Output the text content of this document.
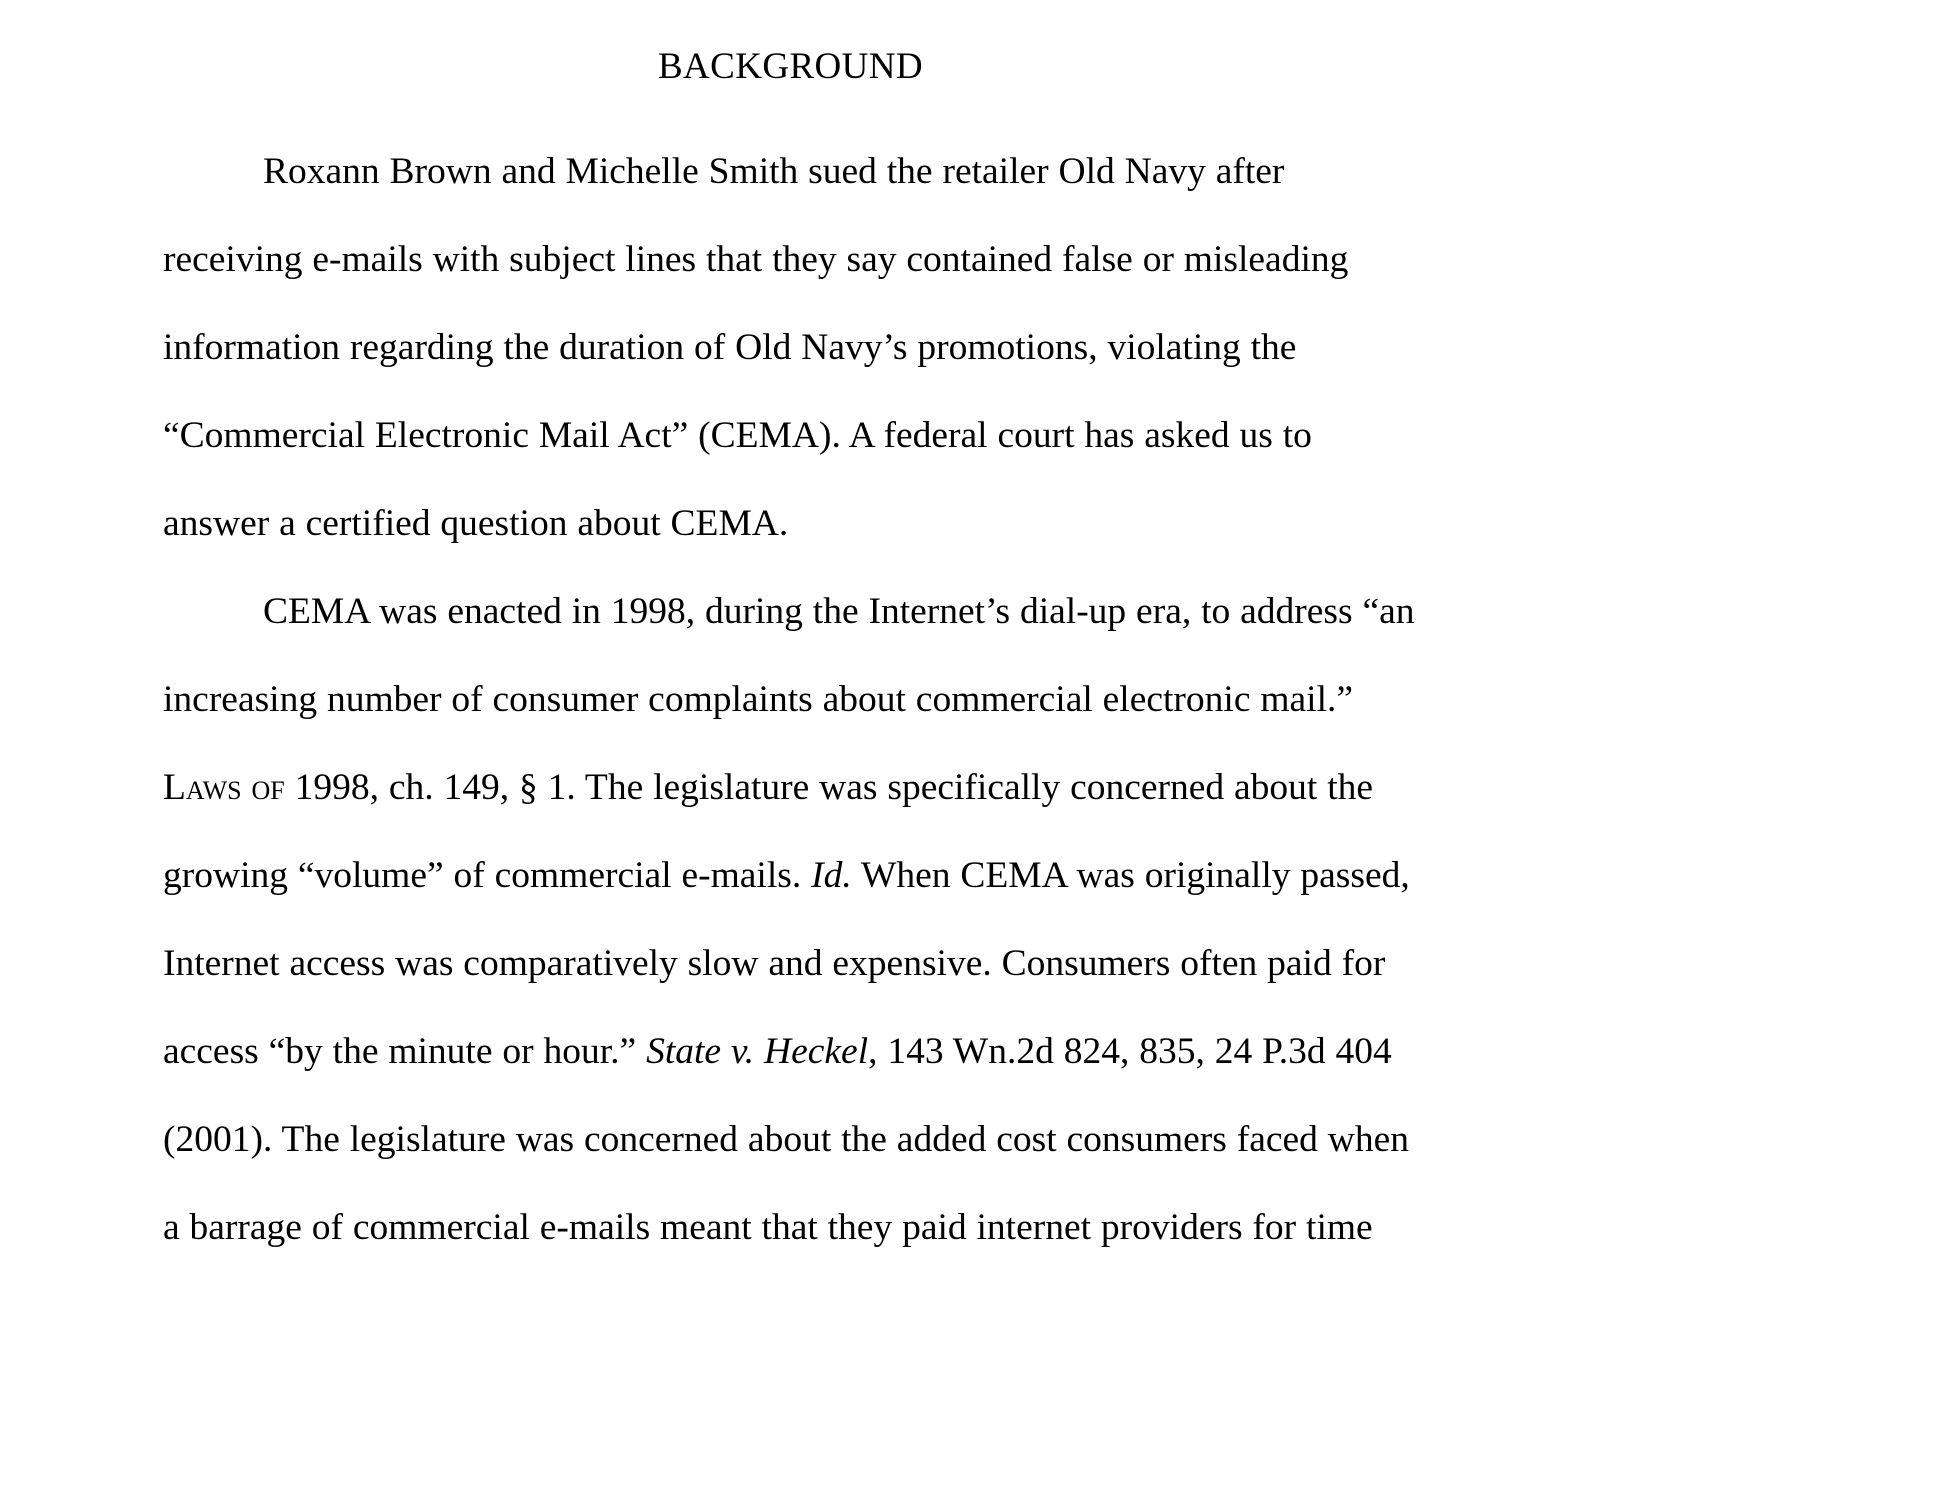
BACKGROUND

Roxann Brown and Michelle Smith sued the retailer Old Navy after receiving e-mails with subject lines that they say contained false or misleading information regarding the duration of Old Navy’s promotions, violating the “Commercial Electronic Mail Act” (CEMA). A federal court has asked us to answer a certified question about CEMA.

CEMA was enacted in 1998, during the Internet’s dial-up era, to address “an increasing number of consumer complaints about commercial electronic mail.” Laws of 1998, ch. 149, § 1. The legislature was specifically concerned about the growing “volume” of commercial e-mails. Id. When CEMA was originally passed, Internet access was comparatively slow and expensive. Consumers often paid for access “by the minute or hour.” State v. Heckel, 143 Wn.2d 824, 835, 24 P.3d 404 (2001). The legislature was concerned about the added cost consumers faced when a barrage of commercial e-mails meant that they paid internet providers for time
